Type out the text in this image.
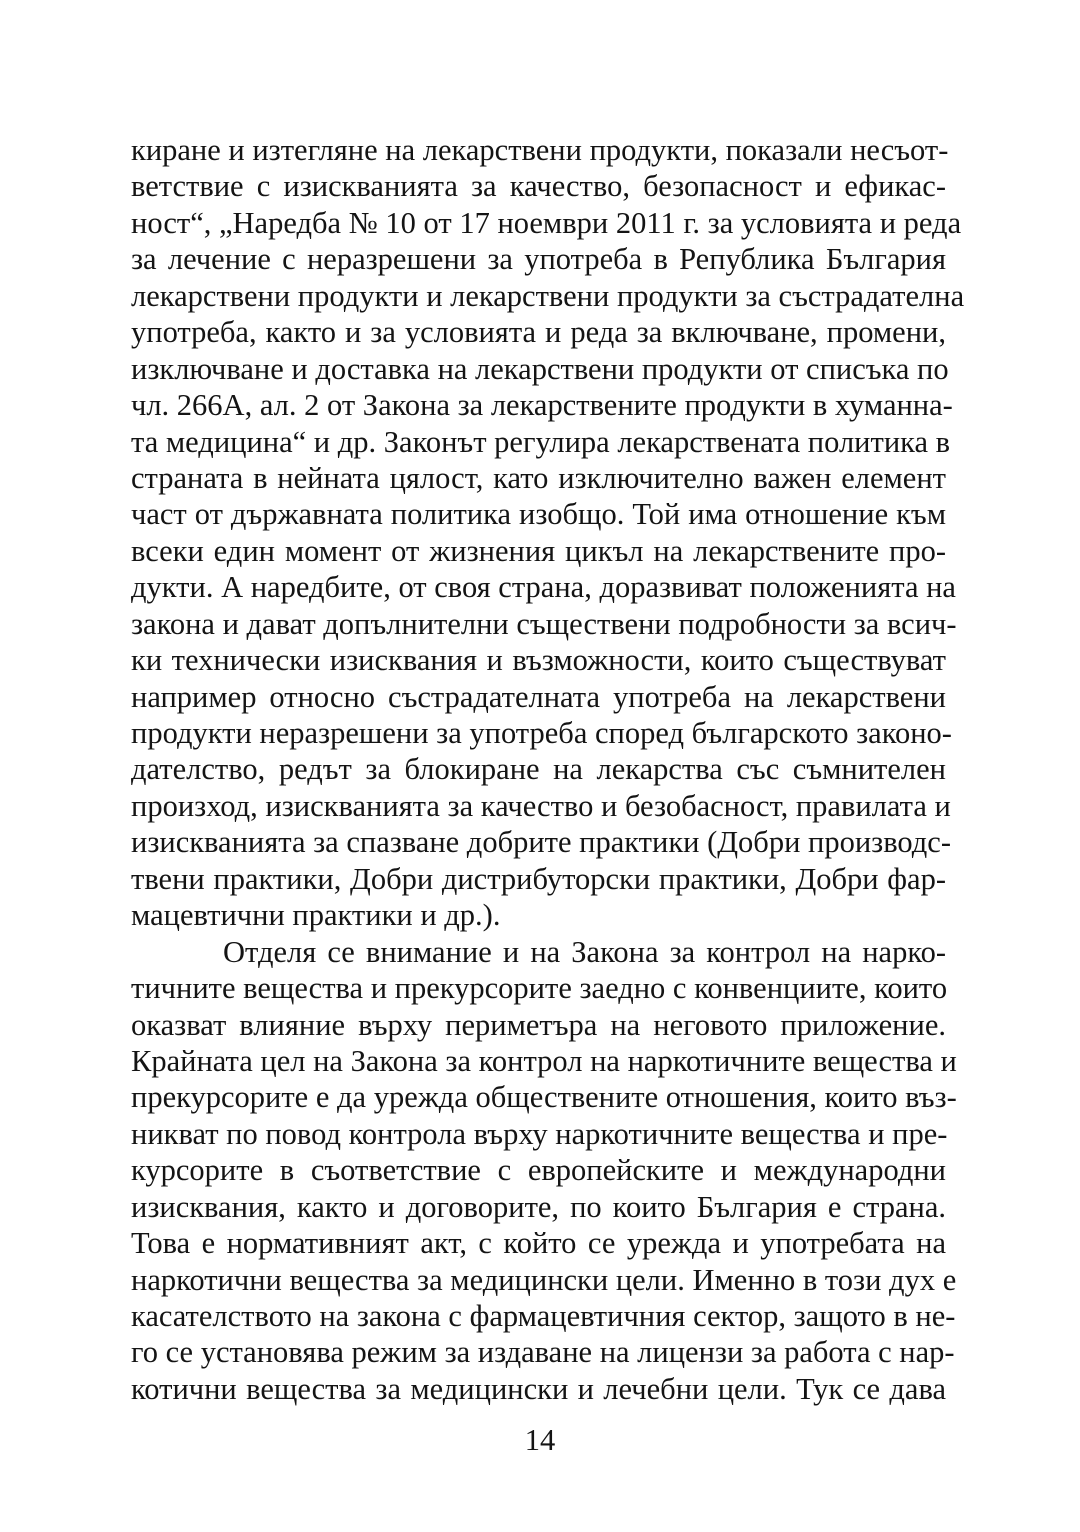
киране и изтегляне на лекарствени продукти, показали несъот-
ветствие с изискванията за качество, безопасност и ефикас-
ност“, „Наредба № 10 от 17 ноември 2011 г. за условията и реда
за лечение с неразрешени за употреба в Република България
лекарствени продукти и лекарствени продукти за състрадателна
употреба, както и за условията и реда за включване, промени,
изключване и доставка на лекарствени продукти от списъка по
чл. 266А, ал. 2 от Закона за лекарствените продукти в хуманна-
та медицина“ и др. Законът регулира лекарствената политика в
страната в нейната цялост, като изключително важен елемент
част от държавната политика изобщо. Той има отношение към
всеки един момент от жизнения цикъл на лекарствените про-
дукти. А наредбите, от своя страна, доразвиват положенията на
закона и дават допълнителни съществени подробности за всич-
ки технически изисквания и възможности, които съществуват
например относно състрадателната употреба на лекарствени
продукти неразрешени за употреба според българското законо-
дателство, редът за блокиране на лекарства със съмнителен
произход, изискванията за качество и безобасност, правилата и
изискванията за спазване добрите практики (Добри производс-
твени практики, Добри дистрибуторски практики, Добри фар-
мацевтични практики и др.).
Отделя се внимание и на Закона за контрол на нарко-
тичните вещества и прекурсорите заедно с конвенциите, които
оказват влияние върху периметъра на неговото приложение.
Крайната цел на Закона за контрол на наркотичните вещества и
прекурсорите е да урежда обществените отношения, които въз-
никват по повод контрола върху наркотичните вещества и пре-
курсорите в съответствие с европейските и международни
изисквания, както и договорите, по които България е страна.
Това е нормативният акт, с който се урежда и употребата на
наркотични вещества за медицински цели. Именно в този дух е
касателството на закона с фармацевтичния сектор, защото в не-
го се установява режим за издаване на лицензи за работа с нар-
котични вещества за медицински и лечебни цели. Тук се дава
14
